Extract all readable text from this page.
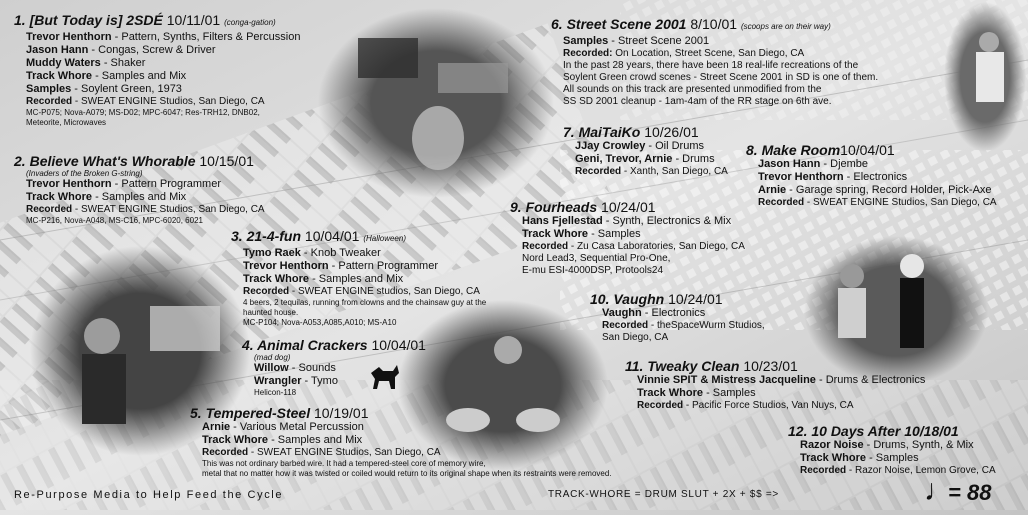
1. [But Today is] 2SDÉ 10/11/01 (conga-gation)
Trevor Henthorn - Pattern, Synths, Filters & Percussion
Jason Hann - Congas, Screw & Driver
Muddy Waters - Shaker
Track Whore - Samples and Mix
Samples - Soylent Green, 1973
Recorded - SWEAT ENGINE Studios, San Diego, CA
MC-P075; Nova-A079; MS-D02; MPC-6047; Res-TRH12, DNB02,
Meteorite, Microwaves
2. Believe What's Whorable 10/15/01
(Invaders of the Broken G-string)
Trevor Henthorn - Pattern Programmer
Track Whore - Samples and Mix
Recorded - SWEAT ENGINE Studios, San Diego, CA
MC-P216, Nova-A048, MS-C16, MPC-6020, 6021
3. 21-4-fun 10/04/01 (Halloween)
Tymo Raek - Knob Tweaker
Trevor Henthorn - Pattern Programmer
Track Whore - Samples and Mix
Recorded - SWEAT ENGINE studios, San Diego, CA
4 beers, 2 tequilas, running from clowns and the chainsaw guy at the
haunted house.
MC-P104; Nova-A053,A085,A010; MS-A10
4. Animal Crackers 10/04/01
(mad dog)
Willow - Sounds
Wrangler - Tymo
Helicon-118
5. Tempered-Steel 10/19/01
Arnie - Various Metal Percussion
Track Whore - Samples and Mix
Recorded - SWEAT ENGINE Studios, San Diego, CA
This was not ordinary barbed wire. It had a tempered-steel core of memory wire,
metal that no matter how it was twisted or coiled would return to its original shape when its restraints were removed.
6. Street Scene 2001 8/10/01 (scoops are on their way)
Samples - Street Scene 2001
Recorded: On Location, Street Scene, San Diego, CA
In the past 28 years, there have been 18 real-life recreations of the
Soylent Green crowd scenes - Street Scene 2001 in SD is one of them.
All sounds on this track are presented unmodified from the
SS SD 2001 cleanup - 1am-4am of the RR stage on 6th ave.
7. MaiTaiKo 10/26/01
JJay Crowley - Oil Drums
Geni, Trevor, Arnie - Drums
Recorded - Xanth, San Diego, CA
8. Make Room10/04/01
Jason Hann - Djembe
Trevor Henthorn - Electronics
Arnie - Garage spring, Record Holder, Pick-Axe
Recorded - SWEAT ENGINE Studios, San Diego, CA
9. Fourheads 10/24/01
Hans Fjellestad - Synth, Electronics & Mix
Track Whore - Samples
Recorded - Zu Casa Laboratories, San Diego, CA
Nord Lead3, Sequential Pro-One,
E-mu ESI-4000DSP, Protools24
10. Vaughn 10/24/01
Vaughn - Electronics
Recorded - theSpaceWurm Studios,
San Diego, CA
11. Tweaky Clean 10/23/01
Vinnie SPIT & Mistress Jacqueline - Drums & Electronics
Track Whore - Samples
Recorded - Pacific Force Studios, Van Nuys, CA
12. 10 Days After 10/18/01
Razor Noise - Drums, Synth, & Mix
Track Whore - Samples
Recorded - Razor Noise, Lemon Grove, CA
Re-Purpose Media to Help Feed the Cycle	TRACK-WHORE = DRUM SLUT + 2X + $$ =>	♩
= 88
